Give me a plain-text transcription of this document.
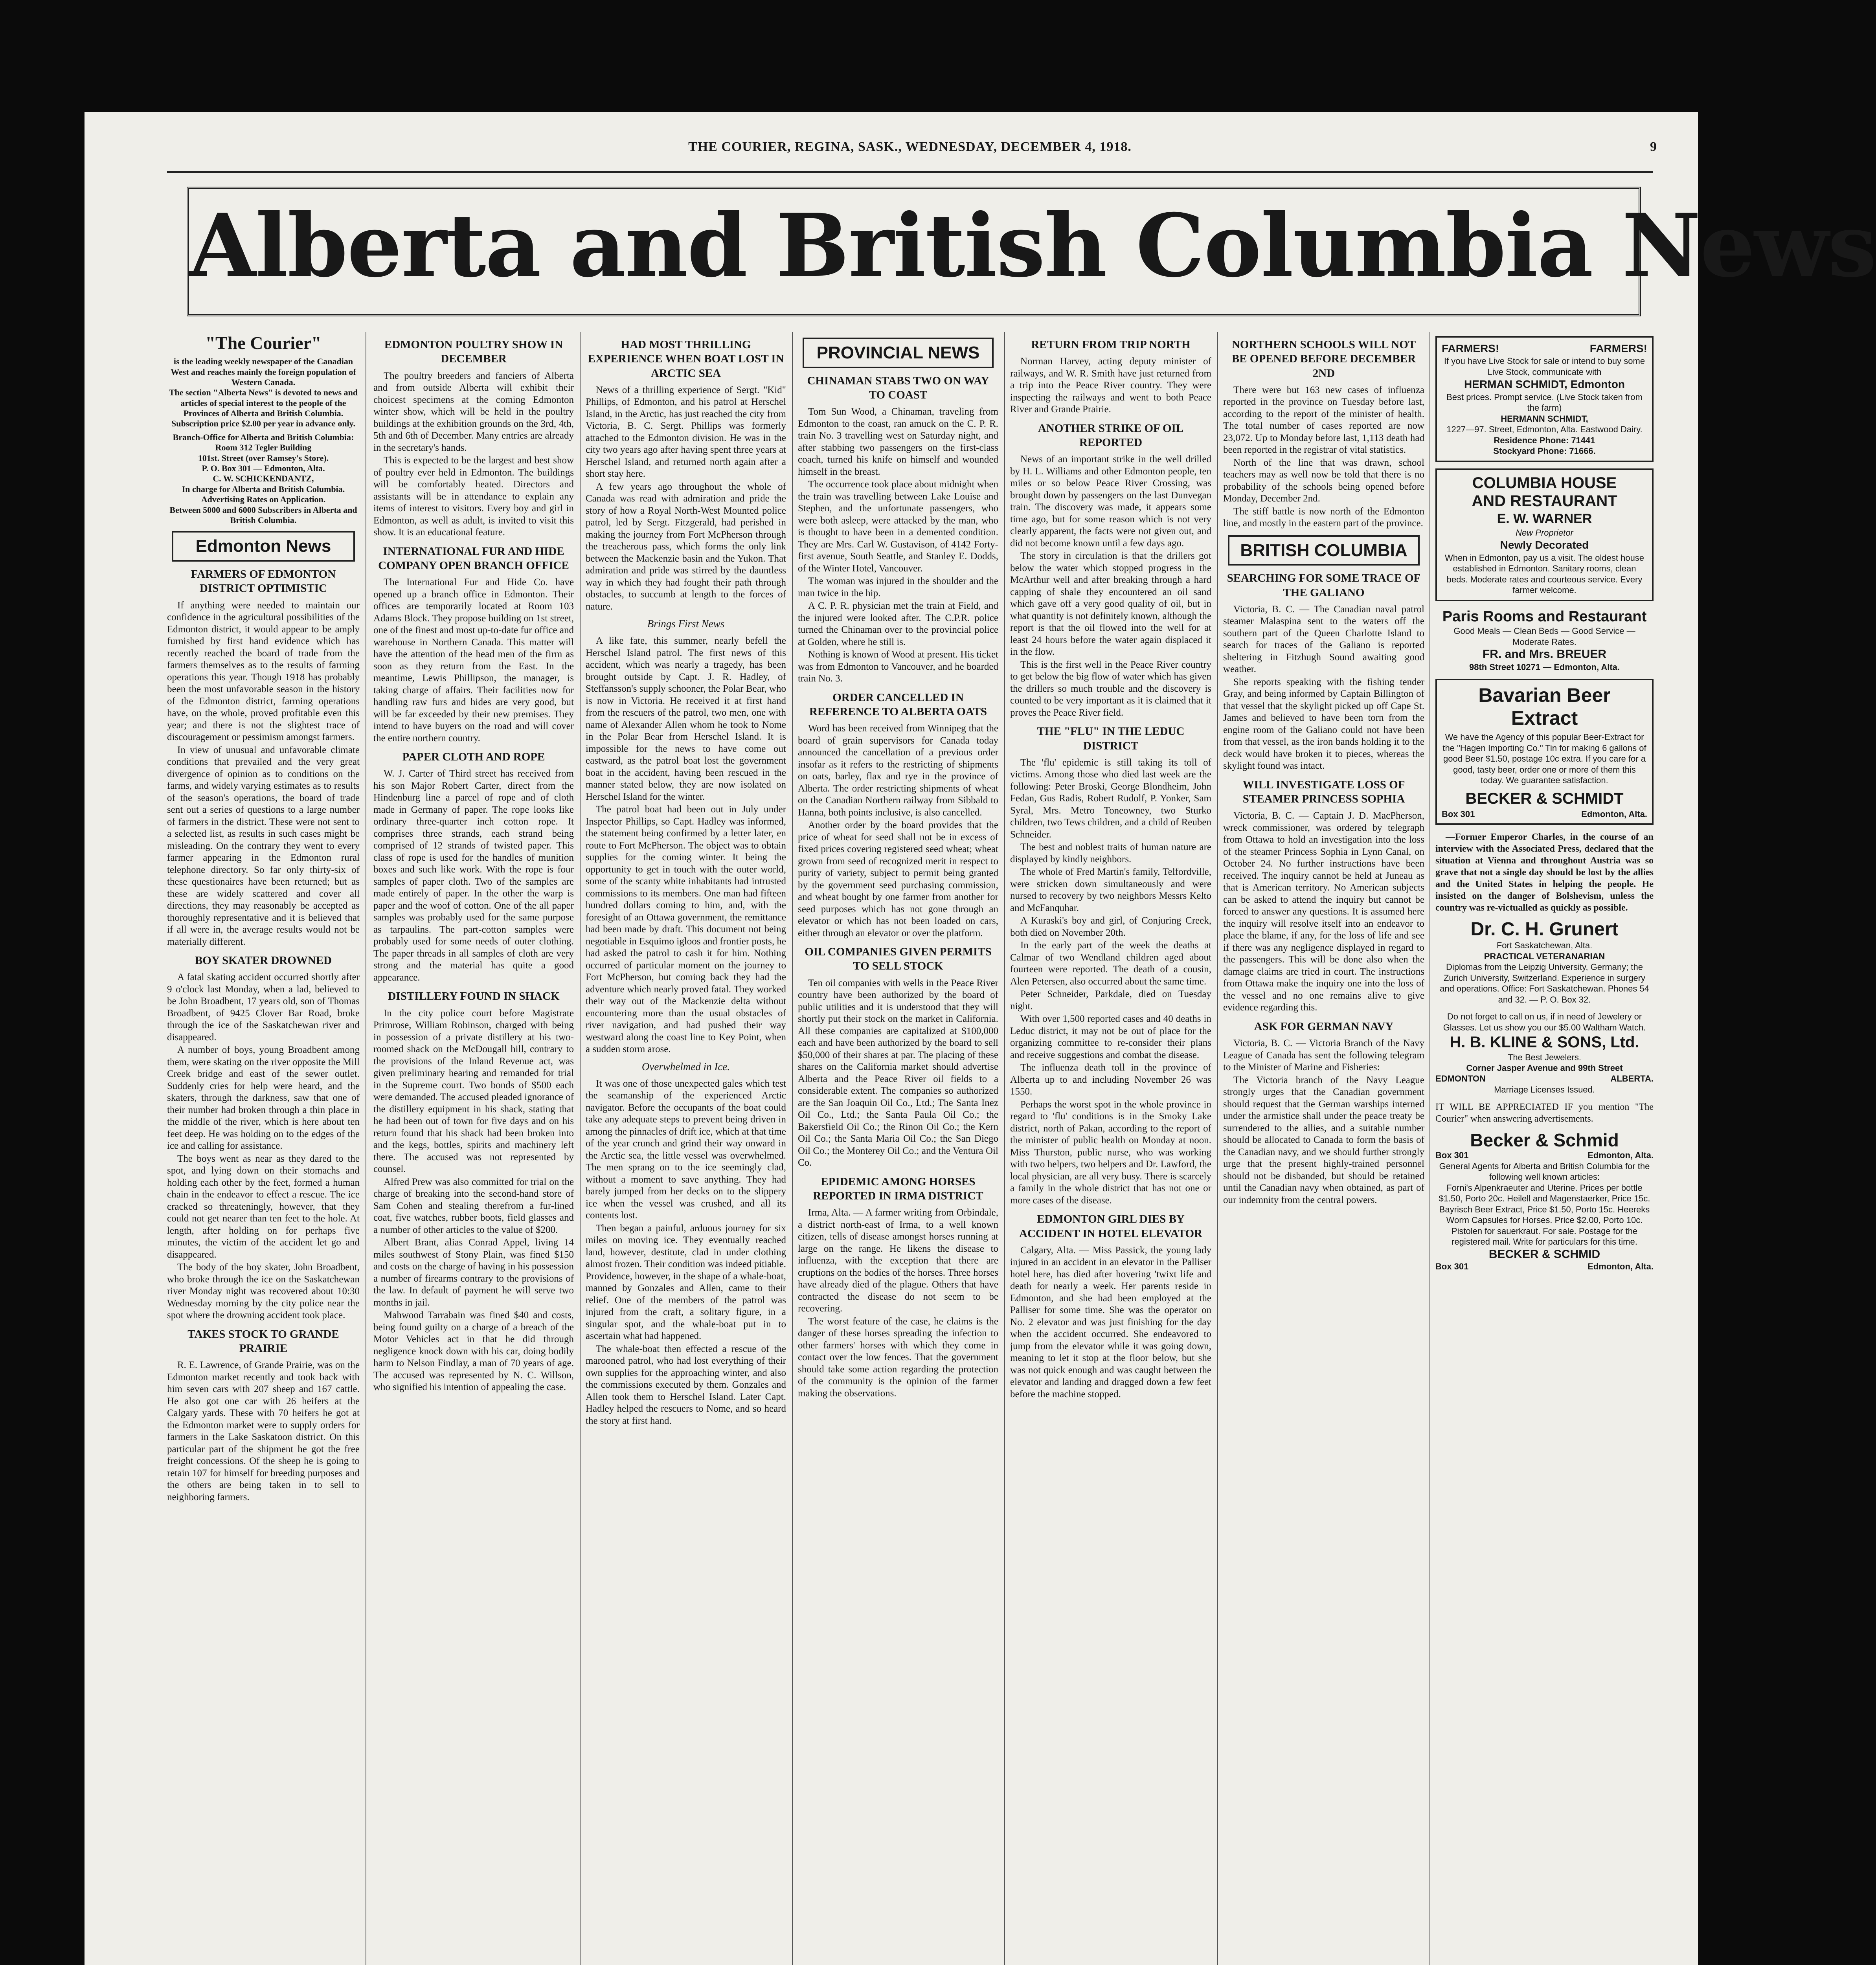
THE COURIER, REGINA, SASK., WEDNESDAY, DECEMBER 4, 1918.	9
Alberta and British Columbia News
"The Courier"
is the leading weekly newspaper of the Canadian West and reaches mainly the foreign population of Western Canada.
The section "Alberta News" is devoted to news and articles of special interest to the people of the Provinces of Alberta and British Columbia.
Subscription price $2.00 per year in advance only.
Branch-Office for Alberta and British Columbia:
Room 312 Tegler Building
101st. Street (over Ramsey's Store).
P. O. Box 301 — Edmonton, Alta.
C. W. SCHICKENDANTZ,
In charge for Alberta and British Columbia.
Advertising Rates on Application.
Between 5000 and 6000 Subscribers in Alberta and British Columbia.
Edmonton News
FARMERS OF EDMONTON DISTRICT OPTIMISTIC

If anything were needed to maintain our confidence in the agricultural possibilities of the Edmonton district, it would appear to be amply furnished by first hand evidence which has recently reached the board of trade from the farmers themselves as to the results of farming operations this year. Though 1918 has probably been the most unfavorable season in the history of the Edmonton district, farming operations have, on the whole, proved profitable even this year; and there is not the slightest trace of discouragement or pessimism amongst farmers.

In view of unusual and unfavorable climate conditions that prevailed and the very great divergence of opinion as to conditions on the farms, and widely varying estimates as to results of the season's operations, the board of trade sent out a series of questions to a large number of farmers in the district. These were not sent to a selected list, as results in such cases might be misleading. On the contrary they went to every farmer appearing in the Edmonton rural telephone directory. So far only thirty-six of these questionaires have been returned; but as these are widely scattered and cover all directions, they may reasonably be accepted as thoroughly representative and it is believed that if all were in, the average results would not be materially different.

BOY SKATER DROWNED

A fatal skating accident occurred shortly after 9 o'clock last Monday, when a lad, believed to be John Broadbent, 17 years old, son of Thomas Broadbent, of 9425 Clover Bar Road, broke through the ice of the Saskatchewan river and disappeared.

A number of boys, young Broadbent among them, were skating on the river opposite the Mill Creek bridge and east of the sewer outlet. Suddenly cries for help were heard, and the skaters, through the darkness, saw that one of their number had broken through a thin place in the middle of the river, which is here about ten feet deep. He was holding on to the edges of the ice and calling for assistance.

The boys went as near as they dared to the spot, and lying down on their stomachs and holding each other by the feet, formed a human chain in the endeavor to effect a rescue. The ice cracked so threateningly, however, that they could not get nearer than ten feet to the hole. At length, after holding on for perhaps five minutes, the victim of the accident let go and disappeared.

The body of the boy skater, John Broadbent, who broke through the ice on the Saskatchewan river Monday night was recovered about 10:30 Wednesday morning by the city police near the spot where the drowning accident took place.

TAKES STOCK TO GRANDE PRAIRIE

R. E. Lawrence, of Grande Prairie, was on the Edmonton market recently and took back with him seven cars with 207 sheep and 167 cattle. He also got one car with 26 heifers at the Calgary yards. These with 70 heifers he got at the Edmonton market were to supply orders for farmers in the Lake Saskatoon district. On this particular part of the shipment he got the free freight concessions. Of the sheep he is going to retain 107 for himself for breeding purposes and the others are being taken in to sell to neighboring farmers.

EDMONTON POULTRY SHOW IN DECEMBER

The poultry breeders and fanciers of Alberta and from outside Alberta will exhibit their choicest specimens at the coming Edmonton winter show, which will be held in the poultry buildings at the exhibition grounds on the 3rd, 4th, 5th and 6th of December. Many entries are already in the secretary's hands.

This is expected to be the largest and best show of poultry ever held in Edmonton. The buildings will be comfortably heated. Directors and assistants will be in attendance to explain any items of interest to visitors. Every boy and girl in Edmonton, as well as adult, is invited to visit this show. It is an educational feature.

INTERNATIONAL FUR AND HIDE COMPANY OPEN BRANCH OFFICE

The International Fur and Hide Co. have opened up a branch office in Edmonton. Their offices are temporarily located at Room 103 Adams Block. They propose building on 1st street, one of the finest and most up-to-date fur office and warehouse in Northern Canada. This matter will have the attention of the head men of the firm as soon as they return from the East. In the meantime, Lewis Phillipson, the manager, is taking charge of affairs. Their facilities now for handling raw furs and hides are very good, but will be far exceeded by their new premises. They intend to have buyers on the road and will cover the entire northern country.

PAPER CLOTH AND ROPE

W. J. Carter of Third street has received from his son Major Robert Carter, direct from the Hindenburg line a parcel of rope and of cloth made in Germany of paper. The rope looks like ordinary three-quarter inch cotton rope. It comprises three strands, each strand being comprised of 12 strands of twisted paper. This class of rope is used for the handles of munition boxes and such like work. With the rope is four samples of paper cloth. Two of the samples are made entirely of paper. In the other the warp is paper and the woof of cotton. One of the all paper samples was probably used for the same purpose as tarpaulins. The part-cotton samples were probably used for some needs of outer clothing. The paper threads in all samples of cloth are very strong and the material has quite a good appearance.

DISTILLERY FOUND IN SHACK

In the city police court before Magistrate Primrose, William Robinson, charged with being in possession of a private distillery at his two-roomed shack on the McDougall hill, contrary to the provisions of the Inland Revenue act, was given preliminary hearing and remanded for trial in the Supreme court. Two bonds of $500 each were demanded. The accused pleaded ignorance of the distillery equipment in his shack, stating that he had been out of town for five days and on his return found that his shack had been broken into and the kegs, bottles, spirits and machinery left there. The accused was not represented by counsel.

Alfred Prew was also committed for trial on the charge of breaking into the second-hand store of Sam Cohen and stealing therefrom a fur-lined coat, five watches, rubber boots, field glasses and a number of other articles to the value of $200.

Albert Brant, alias Conrad Appel, living 14 miles southwest of Stony Plain, was fined $150 and costs on the charge of having in his possession a number of firearms contrary to the provisions of the law. In default of payment he will serve two months in jail.

Mahwood Tarrabain was fined $40 and costs, being found guilty on a charge of a breach of the Motor Vehicles act in that he did through negligence knock down with his car, doing bodily harm to Nelson Findlay, a man of 70 years of age. The accused was represented by N. C. Willson, who signified his intention of appealing the case.

HAD MOST THRILLING EXPERIENCE WHEN BOAT LOST IN ARCTIC SEA

News of a thrilling experience of Sergt. "Kid" Phillips, of Edmonton, and his patrol at Herschel Island, in the Arctic, has just reached the city from Victoria, B. C. Sergt. Phillips was formerly attached to the Edmonton division. He was in the city two years ago after having spent three years at Herschel Island, and returned north again after a short stay here.

A few years ago throughout the whole of Canada was read with admiration and pride the story of how a Royal North-West Mounted police patrol, led by Sergt. Fitzgerald, had perished in making the journey from Fort McPherson through the treacherous pass, which forms the only link between the Mackenzie basin and the Yukon. That admiration and pride was stirred by the dauntless way in which they had fought their path through obstacles, to succumb at length to the forces of nature.

Brings First News

A like fate, this summer, nearly befell the Herschel Island patrol. The first news of this accident, which was nearly a tragedy, has been brought outside by Capt. J. R. Hadley, of Steffansson's supply schooner, the Polar Bear, who is now in Victoria. He received it at first hand from the rescuers of the patrol, two men, one with name of Alexander Allen whom he took to Nome in the Polar Bear from Herschel Island. It is impossible for the news to have come out eastward, as the patrol boat lost the government boat in the accident, having been rescued in the manner stated below, they are now isolated on Herschel Island for the winter.

The patrol boat had been out in July under Inspector Phillips, so Capt. Hadley was informed, the statement being confirmed by a letter later, en route to Fort McPherson. The object was to obtain supplies for the coming winter. It being the opportunity to get in touch with the outer world, some of the scanty white inhabitants had intrusted commissions to its members. One man had fifteen hundred dollars coming to him, and, with the foresight of an Ottawa government, the remittance had been made by draft. This document not being negotiable in Esquimo igloos and frontier posts, he had asked the patrol to cash it for him. Nothing occurred of particular moment on the journey to Fort McPherson, but coming back they had the adventure which nearly proved fatal. They worked their way out of the Mackenzie delta without encountering more than the usual obstacles of river navigation, and had pushed their way westward along the coast line to Key Point, when a sudden storm arose.

Overwhelmed in Ice.

It was one of those unexpected gales which test the seamanship of the experienced Arctic navigator. Before the occupants of the boat could take any adequate steps to prevent being driven in among the pinnacles of drift ice, which at that time of the year crunch and grind their way onward in the Arctic sea, the little vessel was overwhelmed. The men sprang on to the ice seemingly clad, without a moment to save anything. They had barely jumped from her decks on to the slippery ice when the vessel was crushed, and all its contents lost.

Then began a painful, arduous journey for six miles on moving ice. They eventually reached land, however, destitute, clad in under clothing almost frozen. Their condition was indeed pitiable. Providence, however, in the shape of a whale-boat, manned by Gonzales and Allen, came to their relief. One of the members of the patrol was injured from the craft, a solitary figure, in a singular spot, and the whale-boat put in to ascertain what had happened.

The whale-boat then effected a rescue of the marooned patrol, who had lost everything of their own supplies for the approaching winter, and also the commissions executed by them. Gonzales and Allen took them to Herschel Island. Later Capt. Hadley helped the rescuers to Nome, and so heard the story at first hand.

PROVINCIAL NEWS
CHINAMAN STABS TWO ON WAY TO COAST

Tom Sun Wood, a Chinaman, traveling from Edmonton to the coast, ran amuck on the C. P. R. train No. 3 travelling west on Saturday night, and after stabbing two passengers on the first-class coach, turned his knife on himself and wounded himself in the breast.

The occurrence took place about midnight when the train was travelling between Lake Louise and Stephen, and the unfortunate passengers, who were both asleep, were attacked by the man, who is thought to have been in a demented condition. They are Mrs. Carl W. Gustavison, of 4142 Forty-first avenue, South Seattle, and Stanley E. Dodds, of the Winter Hotel, Vancouver.

The woman was injured in the shoulder and the man twice in the hip.

A C. P. R. physician met the train at Field, and the injured were looked after. The C.P.R. police turned the Chinaman over to the provincial police at Golden, where he still is.

Nothing is known of Wood at present. His ticket was from Edmonton to Vancouver, and he boarded train No. 3.

ORDER CANCELLED IN REFERENCE TO ALBERTA OATS

Word has been received from Winnipeg that the board of grain supervisors for Canada today announced the cancellation of a previous order insofar as it refers to the restricting of shipments on oats, barley, flax and rye in the province of Alberta. The order restricting shipments of wheat on the Canadian Northern railway from Sibbald to Hanna, both points inclusive, is also cancelled.

Another order by the board provides that the price of wheat for seed shall not be in excess of fixed prices covering registered seed wheat; wheat grown from seed of recognized merit in respect to purity of variety, subject to permit being granted by the government seed purchasing commission, and wheat bought by one farmer from another for seed purposes which has not gone through an elevator or which has not been loaded on cars, either through an elevator or over the platform.

OIL COMPANIES GIVEN PERMITS TO SELL STOCK

Ten oil companies with wells in the Peace River country have been authorized by the board of public utilities and it is understood that they will shortly put their stock on the market in California. All these companies are capitalized at $100,000 each and have been authorized by the board to sell $50,000 of their shares at par. The placing of these shares on the California market should advertise Alberta and the Peace River oil fields to a considerable extent. The companies so authorized are the San Joaquin Oil Co., Ltd.; The Santa Inez Oil Co., Ltd.; the Santa Paula Oil Co.; the Bakersfield Oil Co.; the Rinon Oil Co.; the Kern Oil Co.; the Santa Maria Oil Co.; the San Diego Oil Co.; the Monterey Oil Co.; and the Ventura Oil Co.

EPIDEMIC AMONG HORSES REPORTED IN IRMA DISTRICT

Irma, Alta. — A farmer writing from Orbindale, a district north-east of Irma, to a well known citizen, tells of disease amongst horses running at large on the range. He likens the disease to influenza, with the exception that there are cruptions on the bodies of the horses. Three horses have already died of the plague. Others that have contracted the disease do not seem to be recovering.

The worst feature of the case, he claims is the danger of these horses spreading the infection to other farmers' horses with which they come in contact over the low fences. That the government should take some action regarding the protection of the community is the opinion of the farmer making the observations.

RETURN FROM TRIP NORTH

Norman Harvey, acting deputy minister of railways, and W. R. Smith have just returned from a trip into the Peace River country. They were inspecting the railways and went to both Peace River and Grande Prairie.

ANOTHER STRIKE OF OIL REPORTED

News of an important strike in the well drilled by H. L. Williams and other Edmonton people, ten miles or so below Peace River Crossing, was brought down by passengers on the last Dunvegan train. The discovery was made, it appears some time ago, but for some reason which is not very clearly apparent, the facts were not given out, and did not become known until a few days ago.

The story in circulation is that the drillers got below the water which stopped progress in the McArthur well and after breaking through a hard capping of shale they encountered an oil sand which gave off a very good quality of oil, but in what quantity is not definitely known, although the report is that the oil flowed into the well for at least 24 hours before the water again displaced it in the flow.

This is the first well in the Peace River country to get below the big flow of water which has given the drillers so much trouble and the discovery is counted to be very important as it is claimed that it proves the Peace River field.

THE "FLU" IN THE LEDUC DISTRICT

The 'flu' epidemic is still taking its toll of victims. Among those who died last week are the following: Peter Broski, George Blondheim, John Fedan, Gus Radis, Robert Rudolf, P. Yonker, Sam Syral, Mrs. Metro Toneowney, two Sturko children, two Tews children, and a child of Reuben Schneider.

The best and noblest traits of human nature are displayed by kindly neighbors.

The whole of Fred Martin's family, Telfordville, were stricken down simultaneously and were nursed to recovery by two neighbors Messrs Kelto and McFanquhar.

A Kuraski's boy and girl, of Conjuring Creek, both died on November 20th.

In the early part of the week the deaths at Calmar of two Wendland children aged about fourteen were reported. The death of a cousin, Alen Petersen, also occurred about the same time.

Peter Schneider, Parkdale, died on Tuesday night.

With over 1,500 reported cases and 40 deaths in Leduc district, it may not be out of place for the organizing committee to re-consider their plans and receive suggestions and combat the disease.

The influenza death toll in the province of Alberta up to and including November 26 was 1550.

Perhaps the worst spot in the whole province in regard to 'flu' conditions is in the Smoky Lake district, north of Pakan, according to the report of the minister of public health on Monday at noon. Miss Thurston, public nurse, who was working with two helpers, two helpers and Dr. Lawford, the local physician, are all very busy. There is scarcely a family in the whole district that has not one or more cases of the disease.

EDMONTON GIRL DIES BY ACCIDENT IN HOTEL ELEVATOR

Calgary, Alta. — Miss Passick, the young lady injured in an accident in an elevator in the Palliser hotel here, has died after hovering 'twixt life and death for nearly a week. Her parents reside in Edmonton, and she had been employed at the Palliser for some time. She was the operator on No. 2 elevator and was just finishing for the day when the accident occurred. She endeavored to jump from the elevator while it was going down, meaning to let it stop at the floor below, but she was not quick enough and was caught between the elevator and landing and dragged down a few feet before the machine stopped.

NORTHERN SCHOOLS WILL NOT BE OPENED BEFORE DECEMBER 2ND

There were but 163 new cases of influenza reported in the province on Tuesday before last, according to the report of the minister of health. The total number of cases reported are now 23,072. Up to Monday before last, 1,113 death had been reported in the registrar of vital statistics.

North of the line that was drawn, school teachers may as well now be told that there is no probability of the schools being opened before Monday, December 2nd.

The stiff battle is now north of the Edmonton line, and mostly in the eastern part of the province.

BRITISH COLUMBIA
SEARCHING FOR SOME TRACE OF THE GALIANO

Victoria, B. C. — The Canadian naval patrol steamer Malaspina sent to the waters off the southern part of the Queen Charlotte Island to search for traces of the Galiano is reported sheltering in Fitzhugh Sound awaiting good weather.

She reports speaking with the fishing tender Gray, and being informed by Captain Billington of that vessel that the skylight picked up off Cape St. James and believed to have been torn from the engine room of the Galiano could not have been from that vessel, as the iron bands holding it to the deck would have broken it to pieces, whereas the skylight found was intact.

WILL INVESTIGATE LOSS OF STEAMER PRINCESS SOPHIA

Victoria, B. C. — Captain J. D. MacPherson, wreck commissioner, was ordered by telegraph from Ottawa to hold an investigation into the loss of the steamer Princess Sophia in Lynn Canal, on October 24. No further instructions have been received. The inquiry cannot be held at Juneau as that is American territory. No American subjects can be asked to attend the inquiry but cannot be forced to answer any questions. It is assumed here the inquiry will resolve itself into an endeavor to place the blame, if any, for the loss of life and see if there was any negligence displayed in regard to the passengers. This will be done also when the damage claims are tried in court. The instructions from Ottawa make the inquiry one into the loss of the vessel and no one remains alive to give evidence regarding this.

ASK FOR GERMAN NAVY

Victoria, B. C. — Victoria Branch of the Navy League of Canada has sent the following telegram to the Minister of Marine and Fisheries:

The Victoria branch of the Navy League strongly urges that the Canadian government should request that the German warships interned under the armistice shall under the peace treaty be surrendered to the allies, and a suitable number should be allocated to Canada to form the basis of the Canadian navy, and we should further strongly urge that the present highly-trained personnel should not be disbanded, but should be retained until the Canadian navy when obtained, as part of our indemnity from the central powers.

FARMERS!	FARMERS!
If you have Live Stock for sale or intend to buy some Live Stock, communicate with
HERMAN SCHMIDT, Edmonton
Best prices. Prompt service. (Live Stock taken from the farm)
HERMANN SCHMIDT,
1227—97. Street, Edmonton, Alta. Eastwood Dairy.
Residence Phone: 71441
Stockyard Phone: 71666.
COLUMBIA HOUSE
AND RESTAURANT
E. W. WARNER
New Proprietor
Newly Decorated
When in Edmonton, pay us a visit. The oldest house established in Edmonton. Sanitary rooms, clean beds. Moderate rates and courteous service. Every farmer welcome.
Paris Rooms and Restaurant
Good Meals — Clean Beds — Good Service — Moderate Rates.
FR. and Mrs. BREUER
98th Street 10271 — Edmonton, Alta.
Bavarian Beer
Extract
We have the Agency of this popular Beer-Extract for the "Hagen Importing Co." Tin for making 6 gallons of good Beer $1.50, postage 10c extra. If you care for a good, tasty beer, order one or more of them this today. We guarantee satisfaction.
BECKER & SCHMIDT
Box 301	Edmonton, Alta.

—Former Emperor Charles, in the course of an interview with the Associated Press, declared that the situation at Vienna and throughout Austria was so grave that not a single day should be lost by the allies and the United States in helping the people. He insisted on the danger of Bolshevism, unless the country was re-victualled as quickly as possible.

Dr. C. H. Grunert
Fort Saskatchewan, Alta.
PRACTICAL VETERANARIAN
Diplomas from the Leipzig University, Germany; the Zurich University, Switzerland. Experience in surgery and operations. Office: Fort Saskatchewan. Phones 54 and 32. — P. O. Box 32.
Do not forget to call on us, if in need of Jewelery or Glasses. Let us show you our $5.00 Waltham Watch.
H. B. KLINE & SONS, Ltd.
The Best Jewelers.
Corner Jasper Avenue and 99th Street
EDMONTON	ALBERTA.
Marriage Licenses Issued.

IT WILL BE APPRECIATED IF you mention "The Courier" when answering advertisements.

Becker & Schmid
Box 301	Edmonton, Alta.
General Agents for Alberta and British Columbia for the following well known articles:
Forni's Alpenkraeuter and Uterine. Prices per bottle $1.50, Porto 20c. Heilell and Magenstaerker, Price 15c. Bayrisch Beer Extract, Price $1.50, Porto 15c. Heereks Worm Capsules for Horses. Price $2.00, Porto 10c. Pistolen for sauerkraut. For sale. Postage for the registered mail. Write for particulars for this time.
BECKER & SCHMID
Box 301	Edmonton, Alta.
